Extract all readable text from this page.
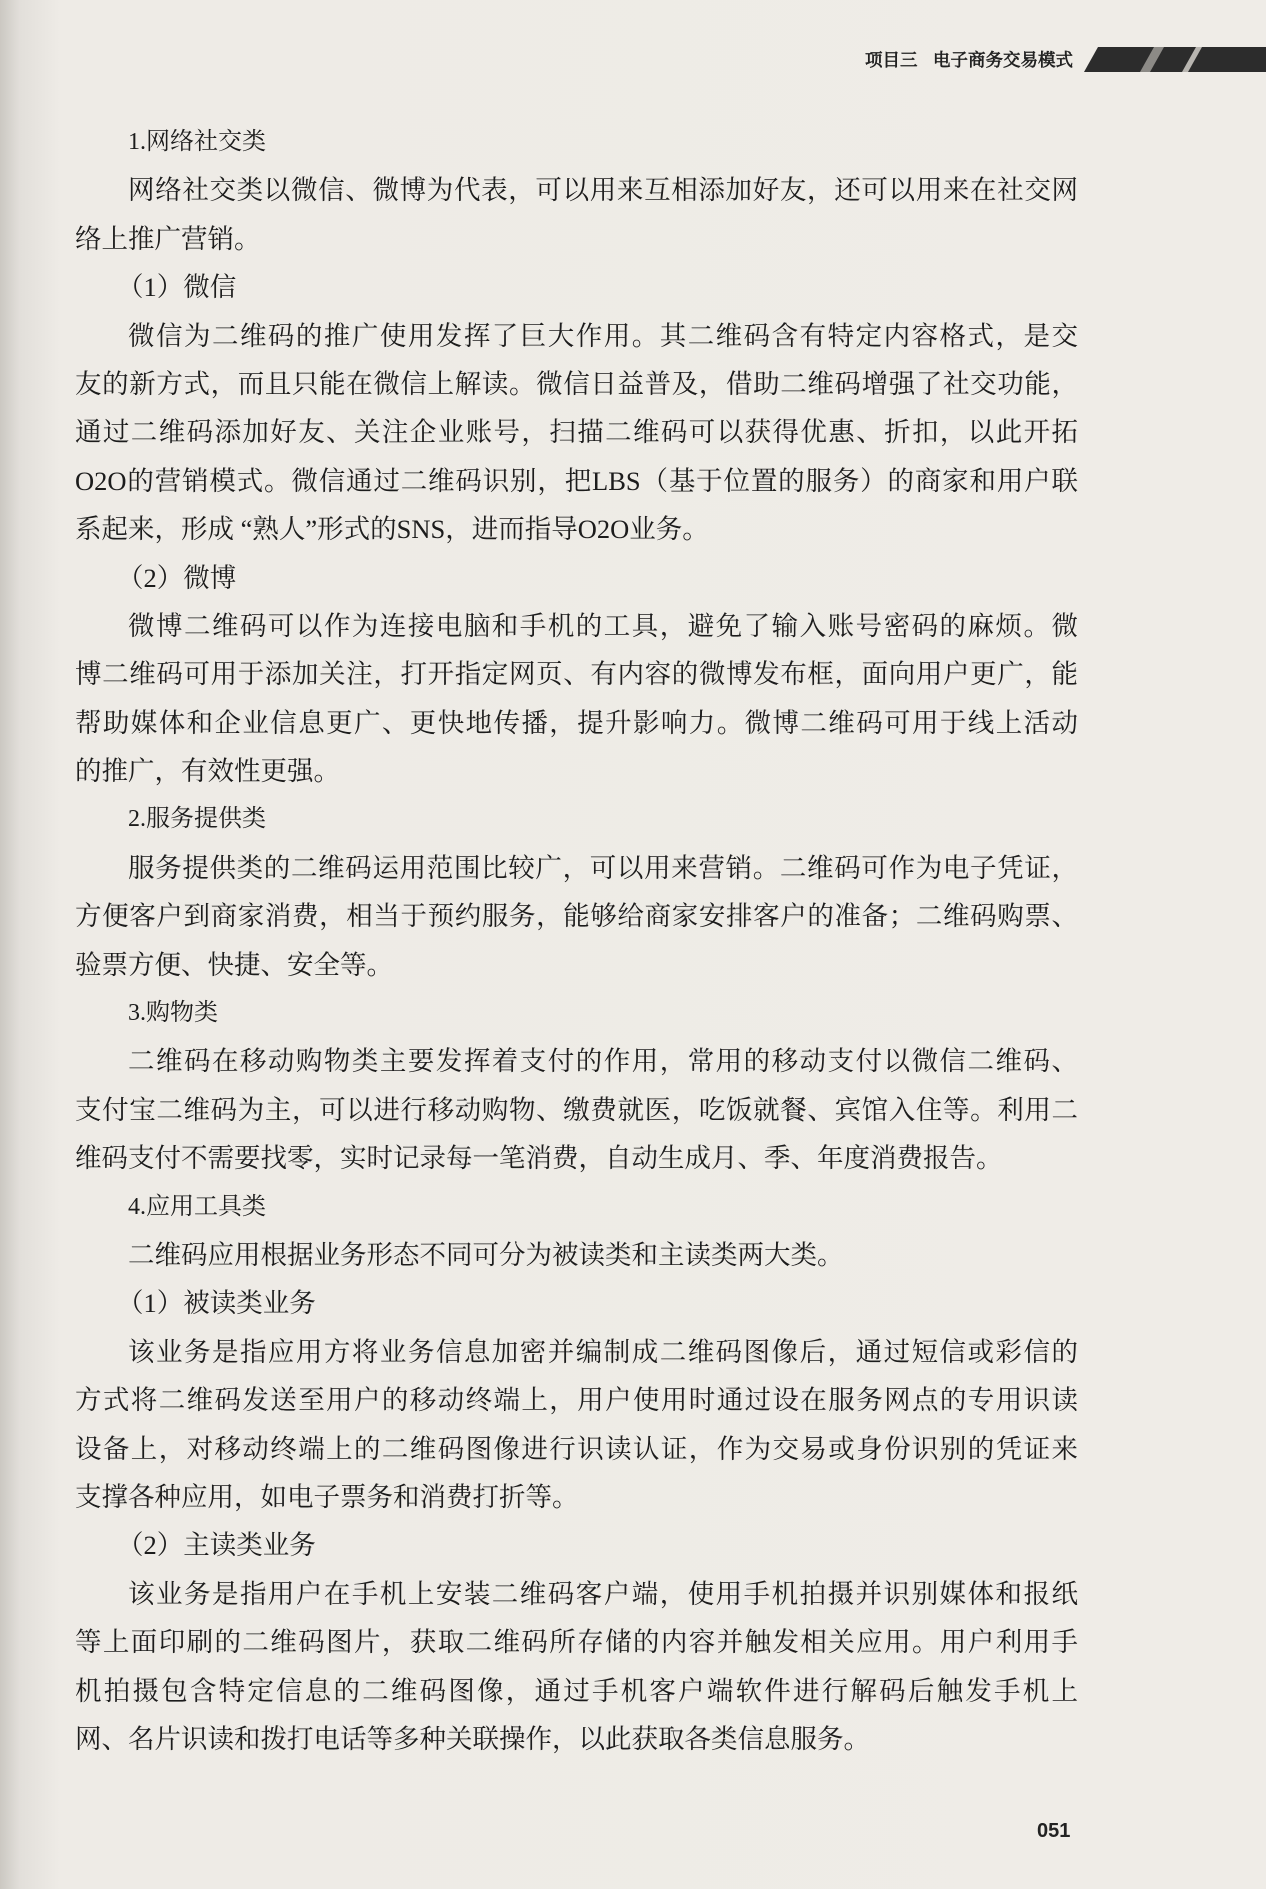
项目三 电子商务交易模式
1.网络社交类
网络社交类以微信、微博为代表，可以用来互相添加好友，还可以用来在社交网
络上推广营销。
（1）微信
微信为二维码的推广使用发挥了巨大作用。其二维码含有特定内容格式，是交
友的新方式，而且只能在微信上解读。微信日益普及，借助二维码增强了社交功能，
通过二维码添加好友、关注企业账号，扫描二维码可以获得优惠、折扣，以此开拓
O2O的营销模式。微信通过二维码识别，把LBS（基于位置的服务）的商家和用户联
系起来，形成 “熟人”形式的SNS，进而指导O2O业务。
（2）微博
微博二维码可以作为连接电脑和手机的工具，避免了输入账号密码的麻烦。微
博二维码可用于添加关注，打开指定网页、有内容的微博发布框，面向用户更广，能
帮助媒体和企业信息更广、更快地传播，提升影响力。微博二维码可用于线上活动
的推广，有效性更强。
2.服务提供类
服务提供类的二维码运用范围比较广，可以用来营销。二维码可作为电子凭证，
方便客户到商家消费，相当于预约服务，能够给商家安排客户的准备；二维码购票、
验票方便、快捷、安全等。
3.购物类
二维码在移动购物类主要发挥着支付的作用，常用的移动支付以微信二维码、
支付宝二维码为主，可以进行移动购物、缴费就医，吃饭就餐、宾馆入住等。利用二
维码支付不需要找零，实时记录每一笔消费，自动生成月、季、年度消费报告。
4.应用工具类
二维码应用根据业务形态不同可分为被读类和主读类两大类。
（1）被读类业务
该业务是指应用方将业务信息加密并编制成二维码图像后，通过短信或彩信的
方式将二维码发送至用户的移动终端上，用户使用时通过设在服务网点的专用识读
设备上，对移动终端上的二维码图像进行识读认证，作为交易或身份识别的凭证来
支撑各种应用，如电子票务和消费打折等。
（2）主读类业务
该业务是指用户在手机上安装二维码客户端，使用手机拍摄并识别媒体和报纸
等上面印刷的二维码图片，获取二维码所存储的内容并触发相关应用。用户利用手
机拍摄包含特定信息的二维码图像，通过手机客户端软件进行解码后触发手机上
网、名片识读和拨打电话等多种关联操作，以此获取各类信息服务。
051
